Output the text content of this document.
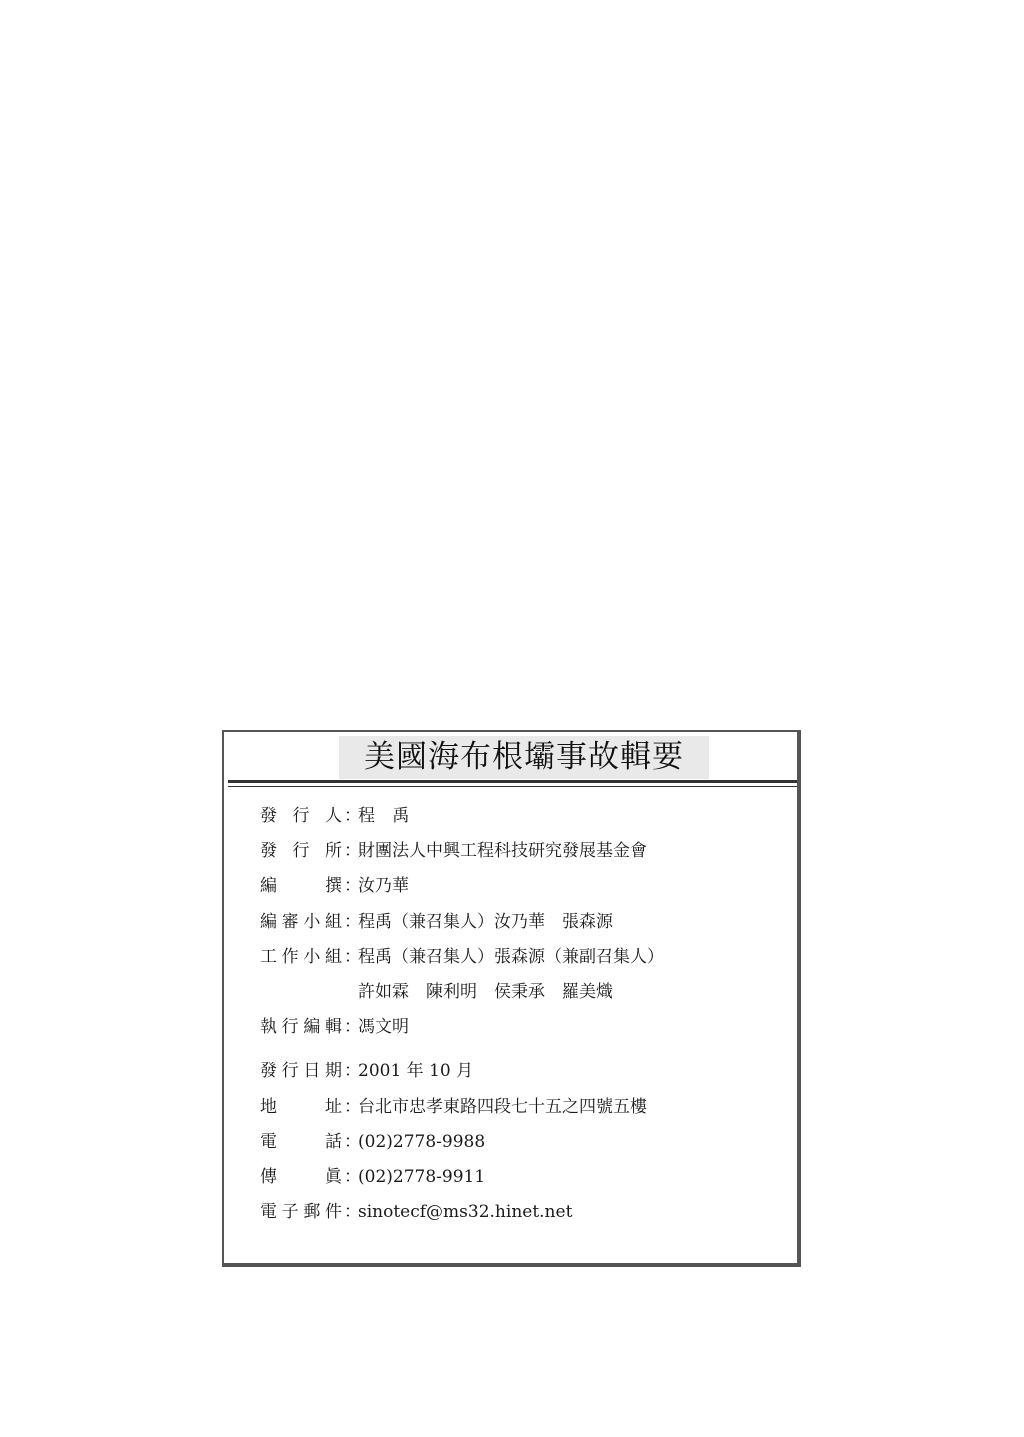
美國海布根壩事故輯要
發 行 人 ：
程 禹
發 行 所 ：
財團法人中興工程科技研究發展基金會
編	撰 ：
汝乃華
編 審 小 組 ：
程禹（兼召集人）汝乃華　張森源
工 作 小 組 ：
程禹（兼召集人）張森源（兼副召集人）
許如霖　陳利明　侯秉承　羅美熾
執 行 編 輯 ：
馮文明
發 行 日 期 ：
2001 年 10 月
地	址 ：
台北市忠孝東路四段七十五之四號五樓
電	話 ：
(02)2778-9988
傳	眞 ：
(02)2778-9911
電 子 郵 件 ：
sinotecf@ms32.hinet.net
